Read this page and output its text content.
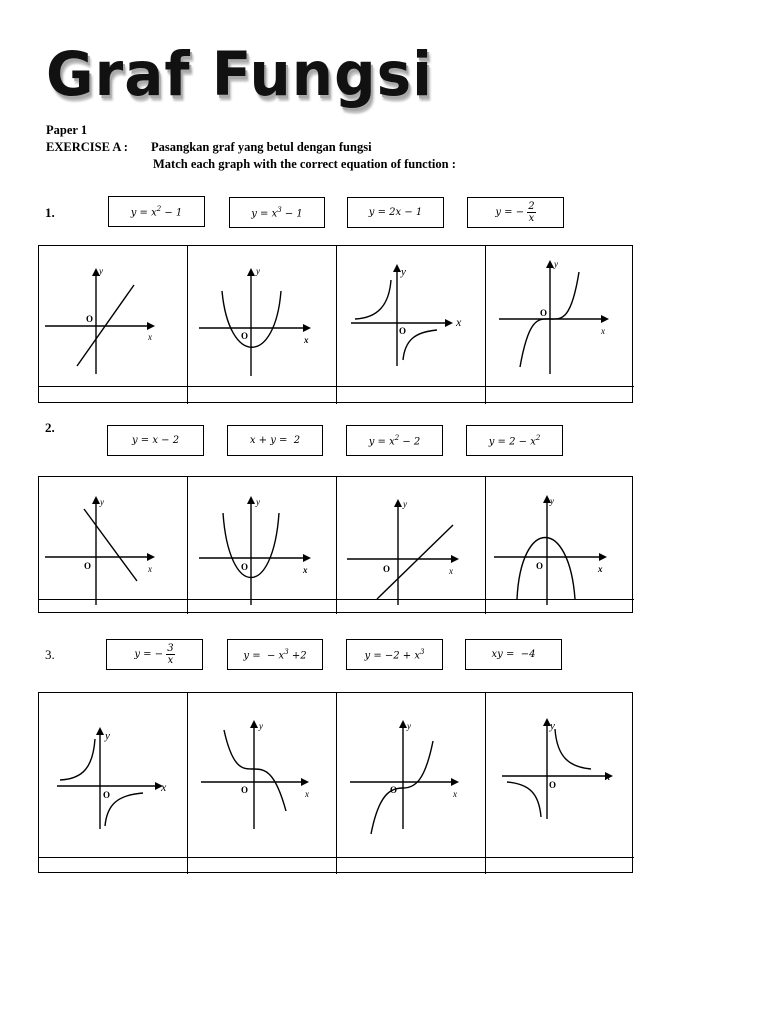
Graf Fungsi
Paper 1
EXERCISE A : Pasangkan graf yang betul dengan fungsi
Match each graph with the correct equation of function :
1.	$y = x^2 - 1$	$y = x^3 - 1$	y = 2x − 1	y = − $\frac{2}{x}$
y
x
O
y
x
O
y
x
O
y
x
O
2.
y = x − 2	x + y =  2	$y = x^2 - 2$	$y = 2 - x^2$
y
x
O
y
x
O
y
x
O
y
x
O
3.	y = − $\frac{3}{x}$	y =  − $x^3 +2$	$y = -2 + x^3$	xy =  −4
y
x
O
y
x
O
y
x
O
y
x
O
